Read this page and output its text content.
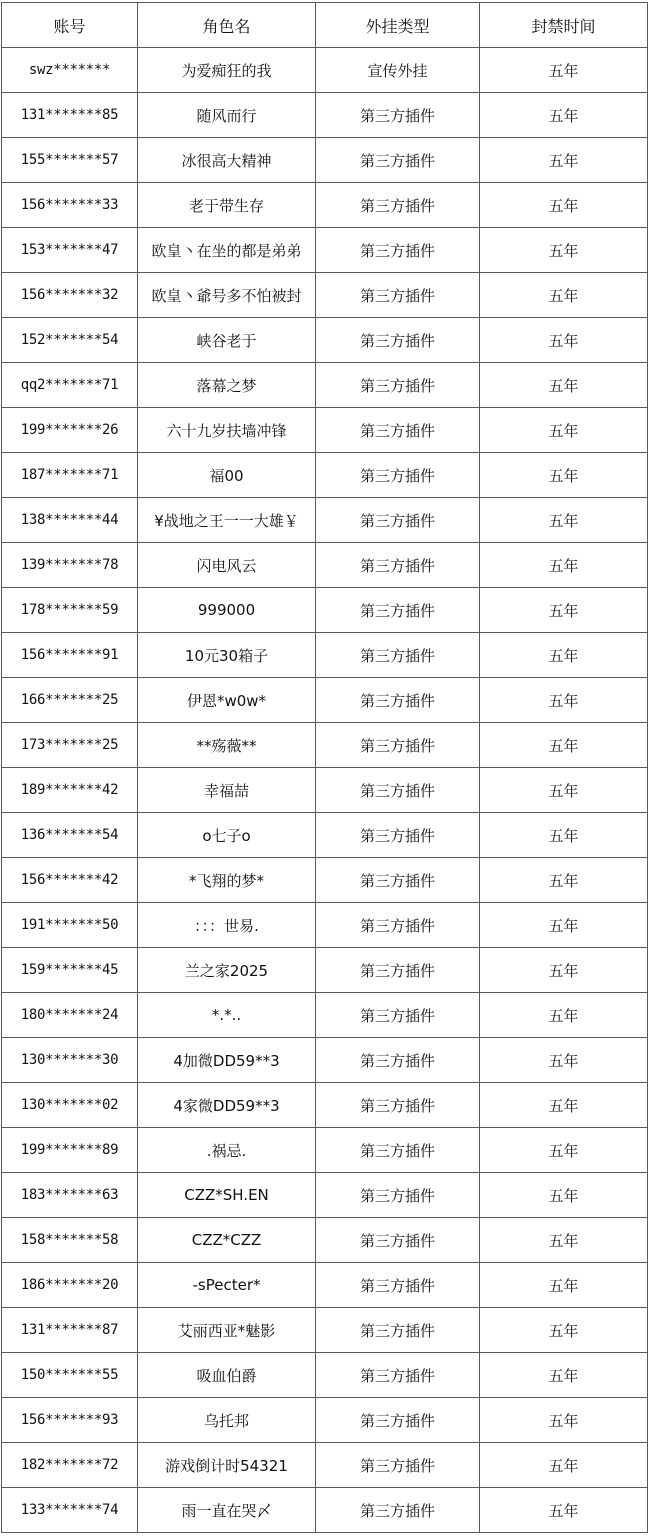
账号	角色名	外挂类型	封禁时间
swz*******	为爱痴狂的我	宣传外挂	五年
131*******85	随风而行	第三方插件	五年
155*******57	冰很高大精神	第三方插件	五年
156*******33	老于带生存	第三方插件	五年
153*******47	欧皇丶在坐的都是弟弟	第三方插件	五年
156*******32	欧皇丶爺号多不怕被封	第三方插件	五年
152*******54	峡谷老于	第三方插件	五年
qq2*******71	落幕之梦	第三方插件	五年
199*******26	六十九岁扶墙冲锋	第三方插件	五年
187*******71	福00	第三方插件	五年
138*******44	¥战地之王一一大雄￥	第三方插件	五年
139*******78	闪电风云	第三方插件	五年
178*******59	999000	第三方插件	五年
156*******91	10元30箱子	第三方插件	五年
166*******25	伊恩*w0w*	第三方插件	五年
173*******25	**殇薇**	第三方插件	五年
189*******42	幸福喆	第三方插件	五年
136*******54	o七子o	第三方插件	五年
156*******42	*飞翔的梦*	第三方插件	五年
191*******50	：：：世易.	第三方插件	五年
159*******45	兰之家2025	第三方插件	五年
180*******24	*.*..	第三方插件	五年
130*******30	4加微DD59**3	第三方插件	五年
130*******02	4家微DD59**3	第三方插件	五年
199*******89	.祸忌.	第三方插件	五年
183*******63	CZZ*SH.EN	第三方插件	五年
158*******58	CZZ*CZZ	第三方插件	五年
186*******20	-sPecter*	第三方插件	五年
131*******87	艾丽西亚*魅影	第三方插件	五年
150*******55	吸血伯爵	第三方插件	五年
156*******93	乌托邦	第三方插件	五年
182*******72	游戏倒计时54321	第三方插件	五年
133*******74	雨一直在哭〆	第三方插件	五年
